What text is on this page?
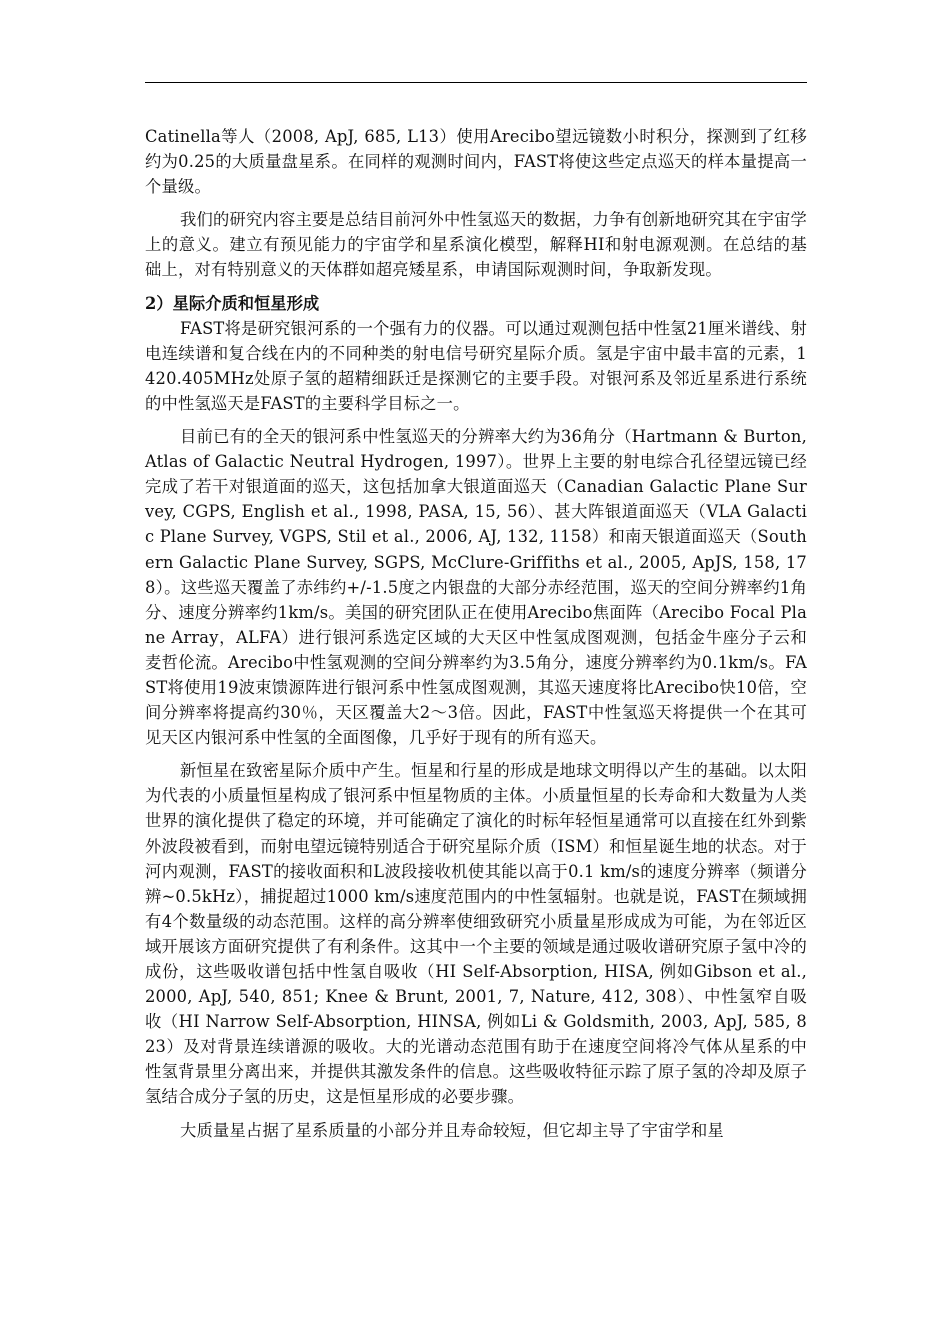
Catinella等人（2008, ApJ, 685, L13）使用Arecibo望远镜数小时积分，探测到了红移约为0.25的大质量盘星系。在同样的观测时间内，FAST将使这些定点巡天的样本量提高一个量级。

我们的研究内容主要是总结目前河外中性氢巡天的数据，力争有创新地研究其在宇宙学上的意义。建立有预见能力的宇宙学和星系演化模型，解释HI和射电源观测。在总结的基础上，对有特别意义的天体群如超亮矮星系，申请国际观测时间，争取新发现。

2）星际介质和恒星形成

FAST将是研究银河系的一个强有力的仪器。可以通过观测包括中性氢21厘米谱线、射电连续谱和复合线在内的不同种类的射电信号研究星际介质。氢是宇宙中最丰富的元素，1420.405MHz处原子氢的超精细跃迁是探测它的主要手段。对银河系及邻近星系进行系统的中性氢巡天是FAST的主要科学目标之一。

目前已有的全天的银河系中性氢巡天的分辨率大约为36角分（Hartmann & Burton, Atlas of Galactic Neutral Hydrogen, 1997）。世界上主要的射电综合孔径望远镜已经完成了若干对银道面的巡天，这包括加拿大银道面巡天（Canadian Galactic Plane Survey, CGPS, English et al., 1998, PASA, 15, 56）、甚大阵银道面巡天（VLA Galactic Plane Survey, VGPS, Stil et al., 2006, AJ, 132, 1158）和南天银道面巡天（Southern Galactic Plane Survey, SGPS, McClure-Griffiths et al., 2005, ApJS, 158, 178）。这些巡天覆盖了赤纬约+/-1.5度之内银盘的大部分赤经范围，巡天的空间分辨率约1角分、速度分辨率约1km/s。美国的研究团队正在使用Arecibo焦面阵（Arecibo Focal Plane Array，ALFA）进行银河系选定区域的大天区中性氢成图观测，包括金牛座分子云和麦哲伦流。Arecibo中性氢观测的空间分辨率约为3.5角分，速度分辨率约为0.1km/s。FAST将使用19波束馈源阵进行银河系中性氢成图观测，其巡天速度将比Arecibo快10倍，空间分辨率将提高约30％，天区覆盖大2～3倍。因此，FAST中性氢巡天将提供一个在其可见天区内银河系中性氢的全面图像，几乎好于现有的所有巡天。

新恒星在致密星际介质中产生。恒星和行星的形成是地球文明得以产生的基础。以太阳为代表的小质量恒星构成了银河系中恒星物质的主体。小质量恒星的长寿命和大数量为人类世界的演化提供了稳定的环境，并可能确定了演化的时标年轻恒星通常可以直接在红外到紫外波段被看到，而射电望远镜特别适合于研究星际介质（ISM）和恒星诞生地的状态。对于河内观测，FAST的接收面积和L波段接收机使其能以高于0.1 km/s的速度分辨率（频谱分辨~0.5kHz），捕捉超过1000 km/s速度范围内的中性氢辐射。也就是说，FAST在频域拥有4个数量级的动态范围。这样的高分辨率使细致研究小质量星形成成为可能，为在邻近区域开展该方面研究提供了有利条件。这其中一个主要的领域是通过吸收谱研究原子氢中冷的成份，这些吸收谱包括中性氢自吸收（HI Self-Absorption, HISA, 例如Gibson et al., 2000, ApJ, 540, 851; Knee & Brunt, 2001, 7, Nature, 412, 308）、中性氢窄自吸收（HI Narrow Self-Absorption, HINSA, 例如Li & Goldsmith, 2003, ApJ, 585, 823）及对背景连续谱源的吸收。大的光谱动态范围有助于在速度空间将冷气体从星系的中性氢背景里分离出来，并提供其激发条件的信息。这些吸收特征示踪了原子氢的冷却及原子氢结合成分子氢的历史，这是恒星形成的必要步骤。

大质量星占据了星系质量的小部分并且寿命较短，但它却主导了宇宙学和星
